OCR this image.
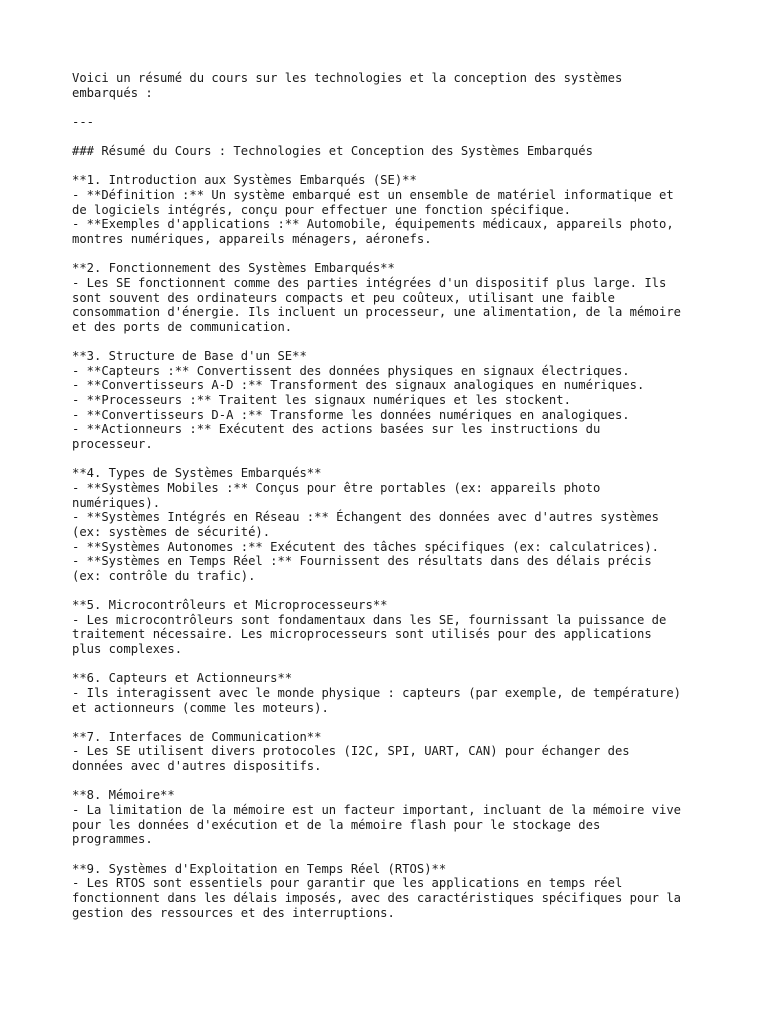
Voici un résumé du cours sur les technologies et la conception des systèmes
embarqués :
---
### Résumé du Cours : Technologies et Conception des Systèmes Embarqués
**1. Introduction aux Systèmes Embarqués (SE)**
- **Définition :** Un système embarqué est un ensemble de matériel informatique et
de logiciels intégrés, conçu pour effectuer une fonction spécifique.
- **Exemples d'applications :** Automobile, équipements médicaux, appareils photo,
montres numériques, appareils ménagers, aéronefs.
**2. Fonctionnement des Systèmes Embarqués**
- Les SE fonctionnent comme des parties intégrées d'un dispositif plus large. Ils
sont souvent des ordinateurs compacts et peu coûteux, utilisant une faible
consommation d'énergie. Ils incluent un processeur, une alimentation, de la mémoire
et des ports de communication.
**3. Structure de Base d'un SE**
- **Capteurs :** Convertissent des données physiques en signaux électriques.
- **Convertisseurs A-D :** Transforment des signaux analogiques en numériques.
- **Processeurs :** Traitent les signaux numériques et les stockent.
- **Convertisseurs D-A :** Transforme les données numériques en analogiques.
- **Actionneurs :** Exécutent des actions basées sur les instructions du
processeur.
**4. Types de Systèmes Embarqués**
- **Systèmes Mobiles :** Conçus pour être portables (ex: appareils photo
numériques).
- **Systèmes Intégrés en Réseau :** Échangent des données avec d'autres systèmes
(ex: systèmes de sécurité).
- **Systèmes Autonomes :** Exécutent des tâches spécifiques (ex: calculatrices).
- **Systèmes en Temps Réel :** Fournissent des résultats dans des délais précis
(ex: contrôle du trafic).
**5. Microcontrôleurs et Microprocesseurs**
- Les microcontrôleurs sont fondamentaux dans les SE, fournissant la puissance de
traitement nécessaire. Les microprocesseurs sont utilisés pour des applications
plus complexes.
**6. Capteurs et Actionneurs**
- Ils interagissent avec le monde physique : capteurs (par exemple, de température)
et actionneurs (comme les moteurs).
**7. Interfaces de Communication**
- Les SE utilisent divers protocoles (I2C, SPI, UART, CAN) pour échanger des
données avec d'autres dispositifs.
**8. Mémoire**
- La limitation de la mémoire est un facteur important, incluant de la mémoire vive
pour les données d'exécution et de la mémoire flash pour le stockage des
programmes.
**9. Systèmes d'Exploitation en Temps Réel (RTOS)**
- Les RTOS sont essentiels pour garantir que les applications en temps réel
fonctionnent dans les délais imposés, avec des caractéristiques spécifiques pour la
gestion des ressources et des interruptions.
